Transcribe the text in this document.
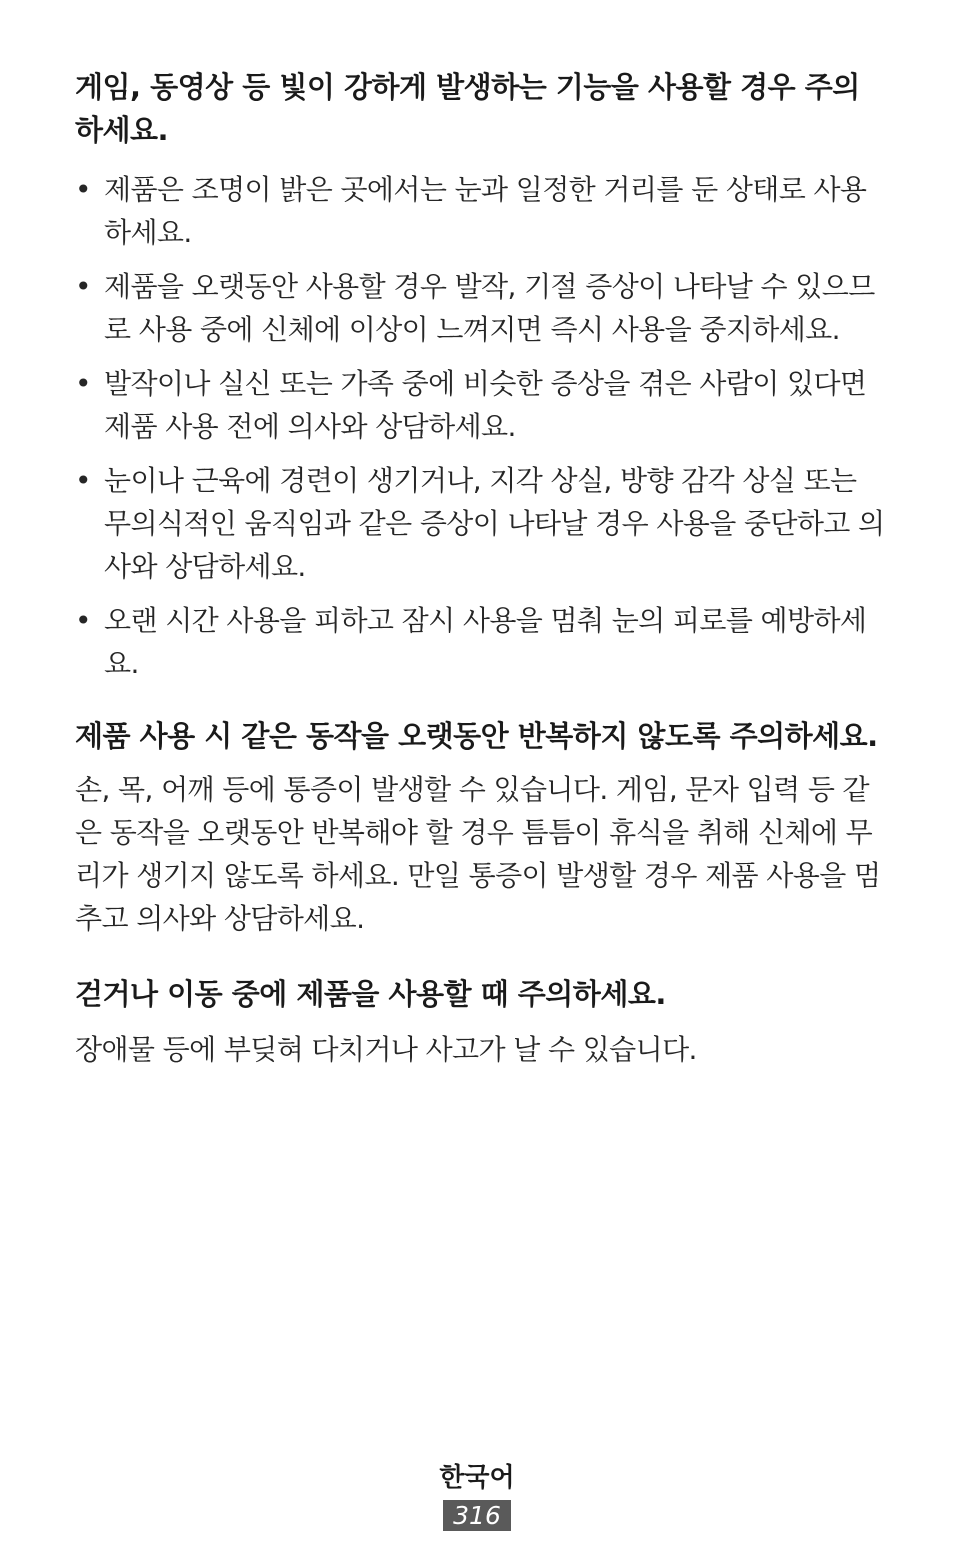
게임, 동영상 등 빛이 강하게 발생하는 기능을 사용할 경우 주의하세요.
• 제품은 조명이 밝은 곳에서는 눈과 일정한 거리를 둔 상태로 사용하세요.
• 제품을 오랫동안 사용할 경우 발작, 기절 증상이 나타날 수 있으므로 사용 중에 신체에 이상이 느껴지면 즉시 사용을 중지하세요.
• 발작이나 실신 또는 가족 중에 비슷한 증상을 겪은 사람이 있다면 제품 사용 전에 의사와 상담하세요.
• 눈이나 근육에 경련이 생기거나, 지각 상실, 방향 감각 상실 또는 무의식적인 움직임과 같은 증상이 나타날 경우 사용을 중단하고 의사와 상담하세요.
• 오랜 시간 사용을 피하고 잠시 사용을 멈춰 눈의 피로를 예방하세요.
제품 사용 시 같은 동작을 오랫동안 반복하지 않도록 주의하세요.

손, 목, 어깨 등에 통증이 발생할 수 있습니다. 게임, 문자 입력 등 같은 동작을 오랫동안 반복해야 할 경우 틈틈이 휴식을 취해 신체에 무리가 생기지 않도록 하세요. 만일 통증이 발생할 경우 제품 사용을 멈추고 의사와 상담하세요.

걷거나 이동 중에 제품을 사용할 때 주의하세요.

장애물 등에 부딪혀 다치거나 사고가 날 수 있습니다.

한국어
316
